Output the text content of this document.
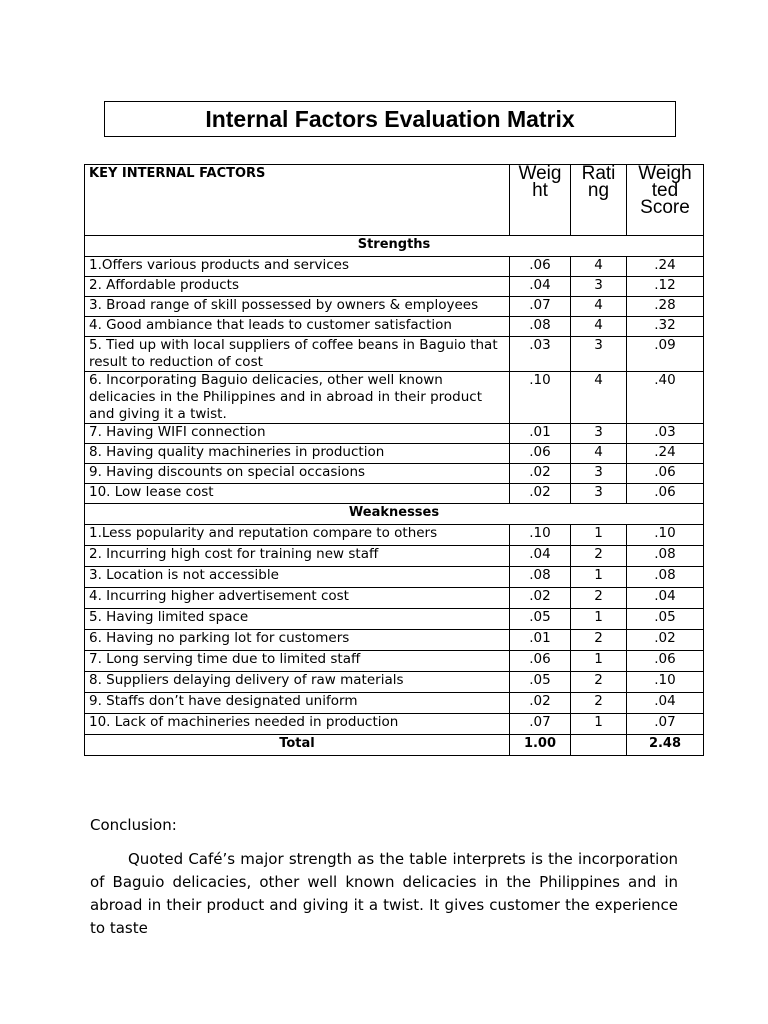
Internal Factors Evaluation Matrix
KEY INTERNAL FACTORS	Weig ht	Rati ng	Weigh ted Score
Strengths			
1.Offers various products and services	.06	4	.24
2. Affordable products	.04	3	.12
3. Broad range of skill possessed by owners & employees	.07	4	.28
4. Good ambiance that leads to customer satisfaction	.08	4	.32
5. Tied up with local suppliers of coffee beans in Baguio that result to reduction of cost	.03	3	.09
6. Incorporating Baguio delicacies, other well known delicacies in the Philippines and in abroad in their product and giving it a twist.	.10	4	.40
7. Having WIFI connection	.01	3	.03
8. Having quality machineries in production	.06	4	.24
9. Having discounts on special occasions	.02	3	.06
10. Low lease cost	.02	3	.06
Weaknesses			
1.Less popularity and reputation compare to others	.10	1	.10
2. Incurring high cost for training new staff	.04	2	.08
3. Location is not accessible	.08	1	.08
4. Incurring higher advertisement cost	.02	2	.04
5. Having limited space	.05	1	.05
6. Having no parking lot for customers	.01	2	.02
7. Long serving time due to limited staff	.06	1	.06
8. Suppliers delaying delivery of raw materials	.05	2	.10
9. Staffs don’t have designated uniform	.02	2	.04
10. Lack of machineries needed in production	.07	1	.07
Total	1.00		2.48
Conclusion:

Quoted Café’s major strength as the table interprets is the incorporation of Baguio delicacies, other well known delicacies in the Philippines and in abroad in their product and giving it a twist. It gives customer the experience to taste
